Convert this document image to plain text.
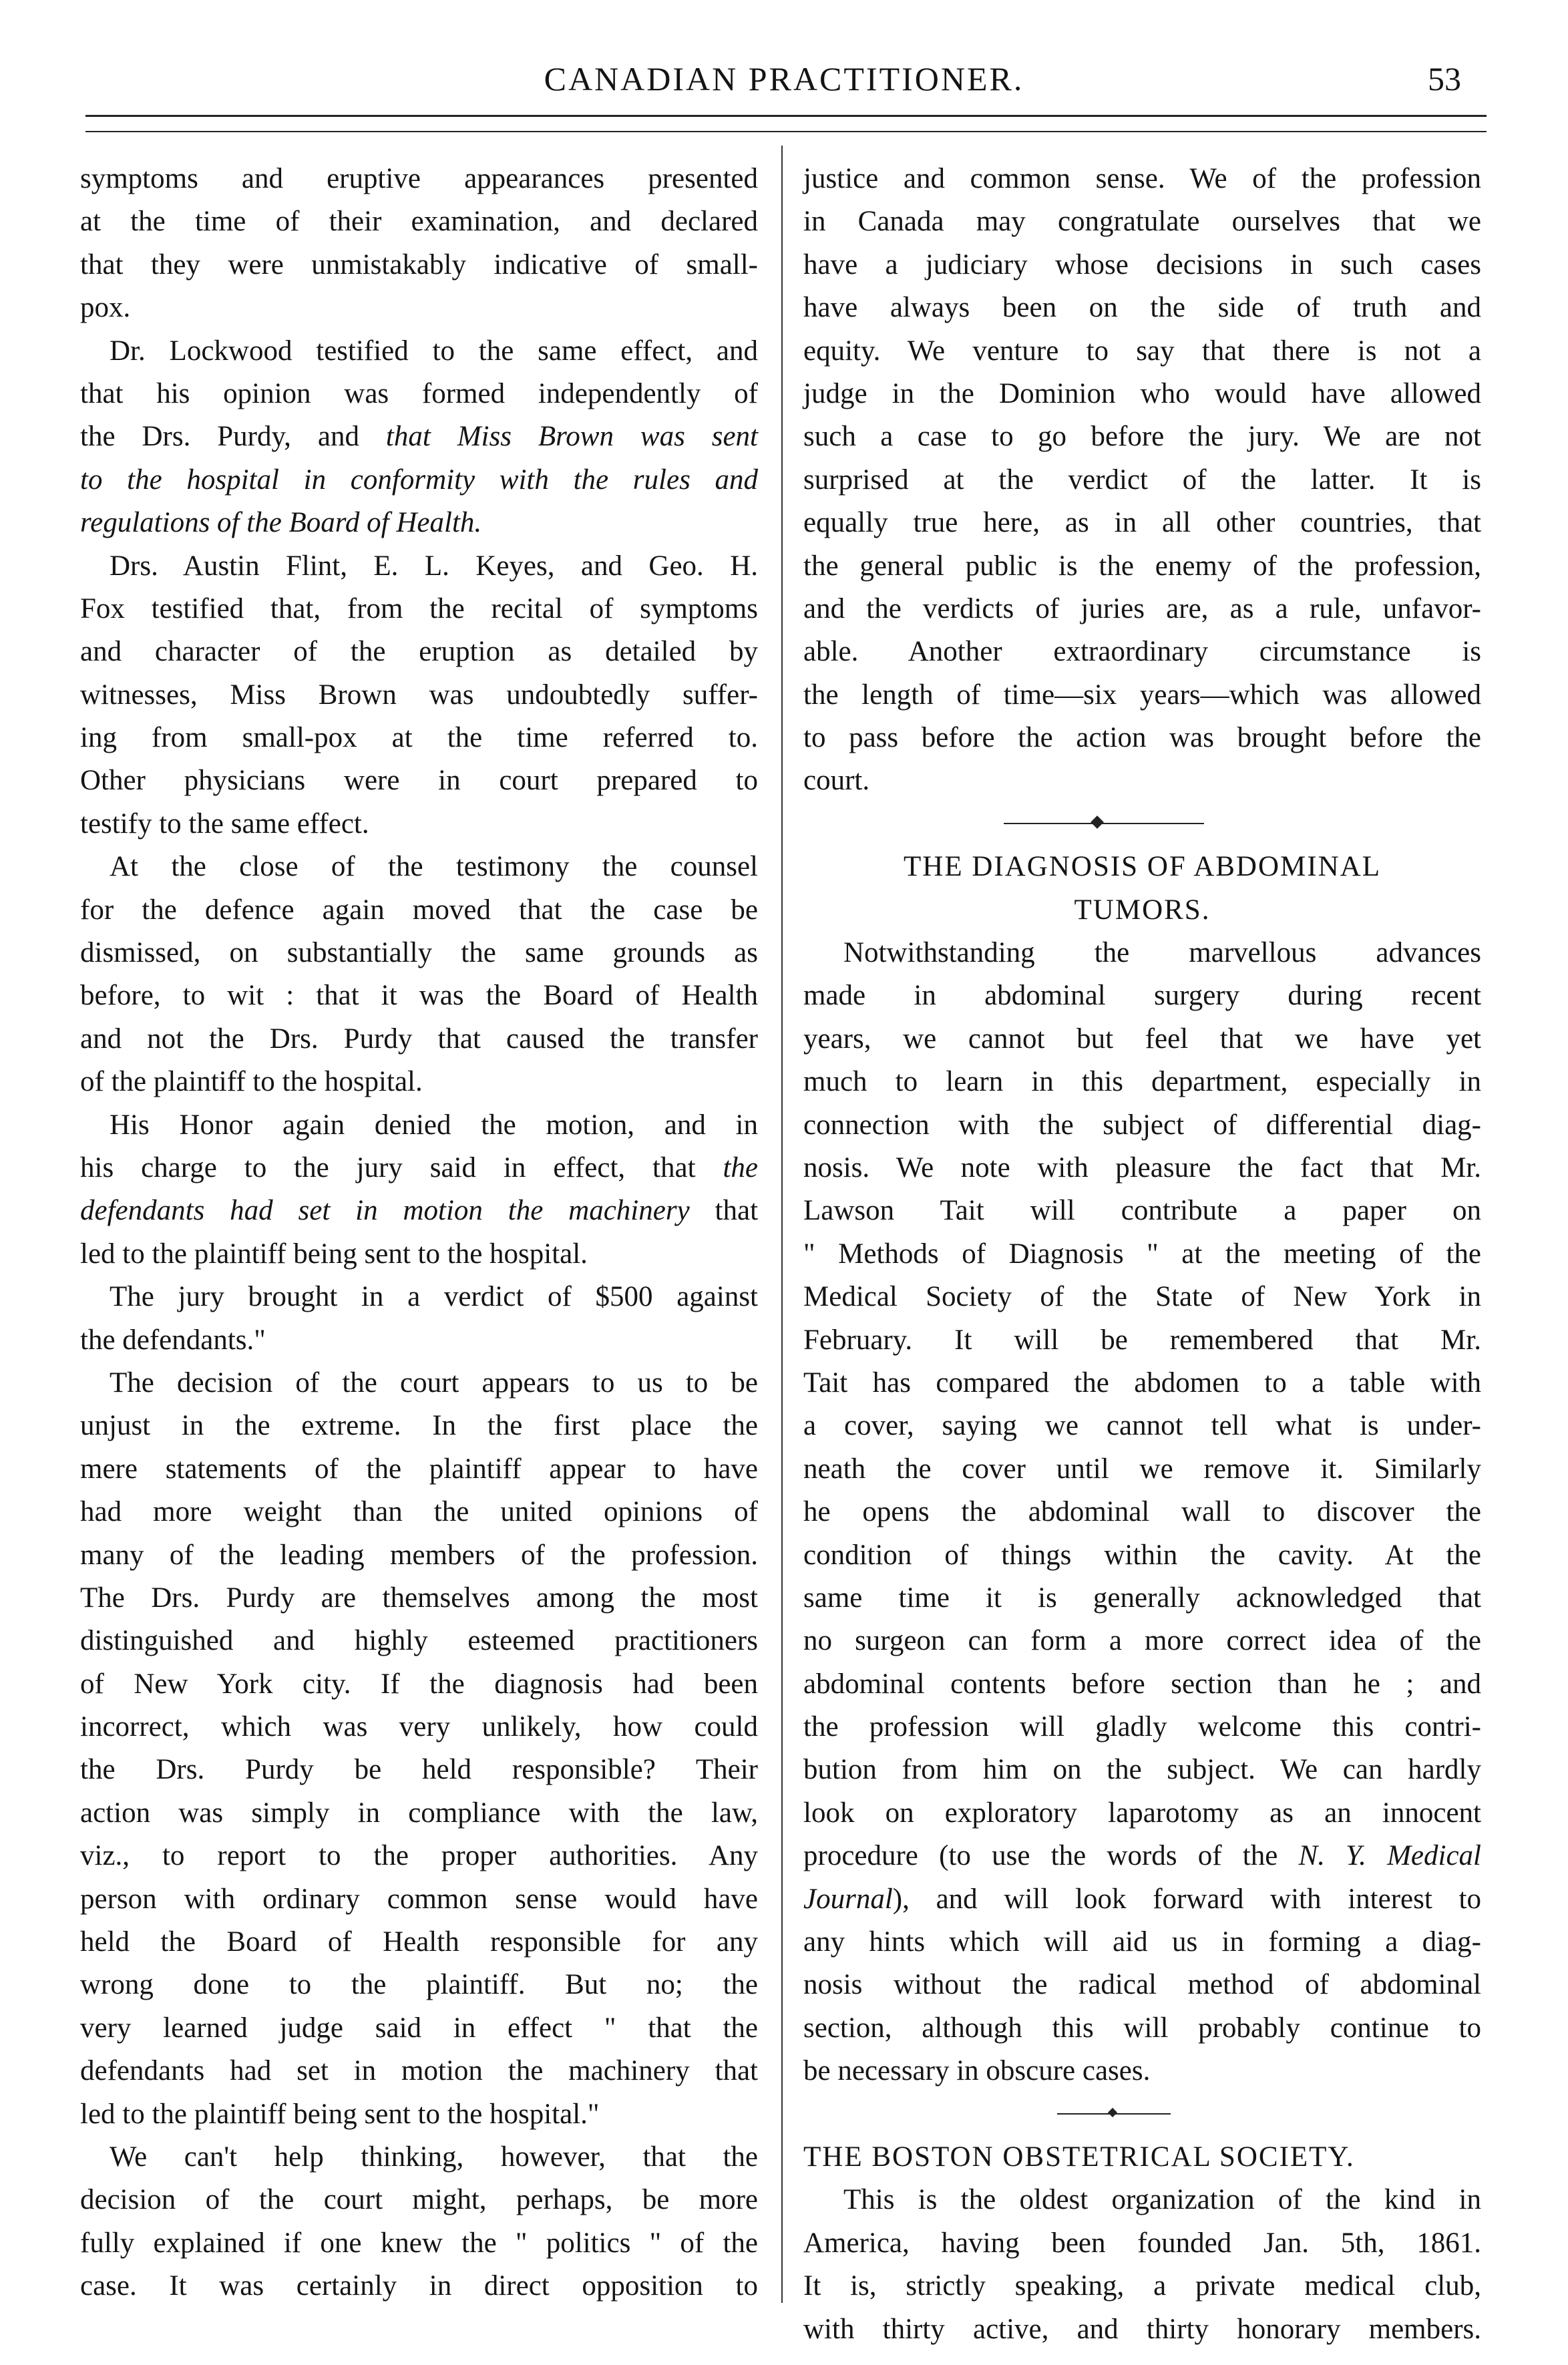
CANADIAN PRACTITIONER.	53
symptoms and eruptive appearances presented
at the time of their examination, and declared
that they were unmistakably indicative of small-
pox.
Dr. Lockwood testified to the same effect, and
that his opinion was formed independently of
the Drs. Purdy, and that Miss Brown was sent
to the hospital in conformity with the rules and
regulations of the Board of Health.
Drs. Austin Flint, E. L. Keyes, and Geo. H.
Fox testified that, from the recital of symptoms
and character of the eruption as detailed by
witnesses, Miss Brown was undoubtedly suffer-
ing from small-pox at the time referred to.
Other physicians were in court prepared to
testify to the same effect.
At the close of the testimony the counsel
for the defence again moved that the case be
dismissed, on substantially the same grounds as
before, to wit : that it was the Board of Health
and not the Drs. Purdy that caused the transfer
of the plaintiff to the hospital.
His Honor again denied the motion, and in
his charge to the jury said in effect, that the
defendants had set in motion the machinery that
led to the plaintiff being sent to the hospital.
The jury brought in a verdict of $500 against
the defendants."
The decision of the court appears to us to be
unjust in the extreme. In the first place the
mere statements of the plaintiff appear to have
had more weight than the united opinions of
many of the leading members of the profession.
The Drs. Purdy are themselves among the most
distinguished and highly esteemed practitioners
of New York city. If the diagnosis had been
incorrect, which was very unlikely, how could
the Drs. Purdy be held responsible? Their
action was simply in compliance with the law,
viz., to report to the proper authorities. Any
person with ordinary common sense would have
held the Board of Health responsible for any
wrong done to the plaintiff. But no; the
very learned judge said in effect " that the
defendants had set in motion the machinery that
led to the plaintiff being sent to the hospital."
We can't help thinking, however, that the
decision of the court might, perhaps, be more
fully explained if one knew the " politics " of the
case. It was certainly in direct opposition to
justice and common sense. We of the profession
in Canada may congratulate ourselves that we
have a judiciary whose decisions in such cases
have always been on the side of truth and
equity. We venture to say that there is not a
judge in the Dominion who would have allowed
such a case to go before the jury. We are not
surprised at the verdict of the latter. It is
equally true here, as in all other countries, that
the general public is the enemy of the profession,
and the verdicts of juries are, as a rule, unfavor-
able. Another extraordinary circumstance is
the length of time—six years—which was allowed
to pass before the action was brought before the
court.
THE DIAGNOSIS OF ABDOMINAL
TUMORS.
Notwithstanding the marvellous advances
made in abdominal surgery during recent
years, we cannot but feel that we have yet
much to learn in this department, especially in
connection with the subject of differential diag-
nosis. We note with pleasure the fact that Mr.
Lawson Tait will contribute a paper on
" Methods of Diagnosis " at the meeting of the
Medical Society of the State of New York in
February. It will be remembered that Mr.
Tait has compared the abdomen to a table with
a cover, saying we cannot tell what is under-
neath the cover until we remove it. Similarly
he opens the abdominal wall to discover the
condition of things within the cavity. At the
same time it is generally acknowledged that
no surgeon can form a more correct idea of the
abdominal contents before section than he ; and
the profession will gladly welcome this contri-
bution from him on the subject. We can hardly
look on exploratory laparotomy as an innocent
procedure (to use the words of the N. Y. Medical
Journal), and will look forward with interest to
any hints which will aid us in forming a diag-
nosis without the radical method of abdominal
section, although this will probably continue to
be necessary in obscure cases.
THE BOSTON OBSTETRICAL SOCIETY.
This is the oldest organization of the kind in
America, having been founded Jan. 5th, 1861.
It is, strictly speaking, a private medical club,
with thirty active, and thirty honorary members.
